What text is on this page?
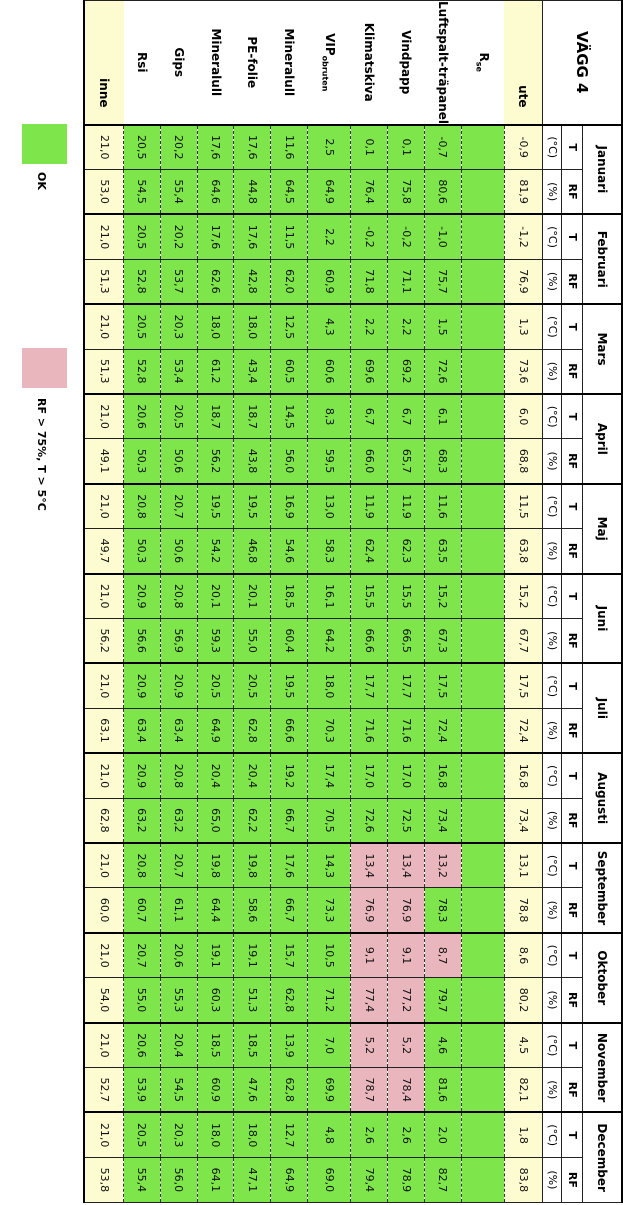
VÄGG 4	Januari		Februari		Mars		April		Maj		Juni		Juli		Augusti		September		Oktober		November		December	
	T	RF	T	RF	T	RF	T	RF	T	RF	T	RF	T	RF	T	RF	T	RF	T	RF	T	RF	T	RF
	(°C)	(%)	(°C)	(%)	(°C)	(%)	(°C)	(%)	(°C)	(%)	(°C)	(%)	(°C)	(%)	(°C)	(%)	(°C)	(%)	(°C)	(%)	(°C)	(%)	(°C)	(%)
ute	-0,9	81,9	-1,2	76,9	1,3	73,6	6,0	68,8	11,5	63,8	15,2	67,7	17,5	72,4	16,8	73,4	13,1	78,8	8,6	80,2	4,5	82,1	1,8	83,8
$R_{se}$																								
Luftspalt-träpanel	-0,7	80,6	-1,0	75,7	1,5	72,6	6,1	68,3	11,6	63,5	15,2	67,3	17,5	72,4	16,8	73,4	13,2	78,3	8,7	79,7	4,6	81,6	2,0	82,7
Vindpapp	0,1	75,8	-0,2	71,1	2,2	69,2	6,7	65,7	11,9	62,3	15,5	66,5	17,7	71,6	17,0	72,5	13,4	76,9	9,1	77,2	5,2	78,4	2,6	78,9
Klimatskiva	0,1	76,4	-0,2	71,8	2,2	69,6	6,7	66,0	11,9	62,4	15,5	66,6	17,7	71,6	17,0	72,6	13,4	76,9	9,1	77,4	5,2	78,7	2,6	79,4
$VIP_{obruten}$	2,5	64,9	2,2	60,9	4,3	60,6	8,3	59,5	13,0	58,3	16,1	64,2	18,0	70,3	17,4	70,5	14,3	73,3	10,5	71,2	7,0	69,9	4,8	69,0
Mineralull	11,6	64,5	11,5	62,0	12,5	60,5	14,5	56,0	16,9	54,6	18,5	60,4	19,5	66,6	19,2	66,7	17,6	66,7	15,7	62,8	13,9	62,8	12,7	64,9
PE-folie	17,6	44,8	17,6	42,8	18,0	43,4	18,7	43,8	19,5	46,8	20,1	55,0	20,5	62,8	20,4	62,2	19,8	58,6	19,1	51,3	18,5	47,6	18,0	47,1
Mineralull	17,6	64,6	17,6	62,6	18,0	61,2	18,7	56,2	19,5	54,2	20,1	59,3	20,5	64,9	20,4	65,0	19,8	64,4	19,1	60,3	18,5	60,9	18,0	64,1
Gips	20,2	55,4	20,2	53,7	20,3	53,4	20,5	50,6	20,7	50,6	20,8	56,9	20,9	63,4	20,8	63,2	20,7	61,1	20,6	55,3	20,4	54,5	20,3	56,0
Rsi	20,5	54,5	20,5	52,8	20,5	52,8	20,6	50,3	20,8	50,3	20,9	56,6	20,9	63,4	20,9	63,2	20,8	60,7	20,7	55,0	20,6	53,9	20,5	55,4
inne	21,0	53,0	21,0	51,3	21,0	51,3	21,0	49,1	21,0	49,7	21,0	56,2	21,0	63,1	21,0	62,8	21,0	60,0	21,0	54,0	21,0	52,7	21,0	53,8
OK
RF > 75%, T > 5°C
